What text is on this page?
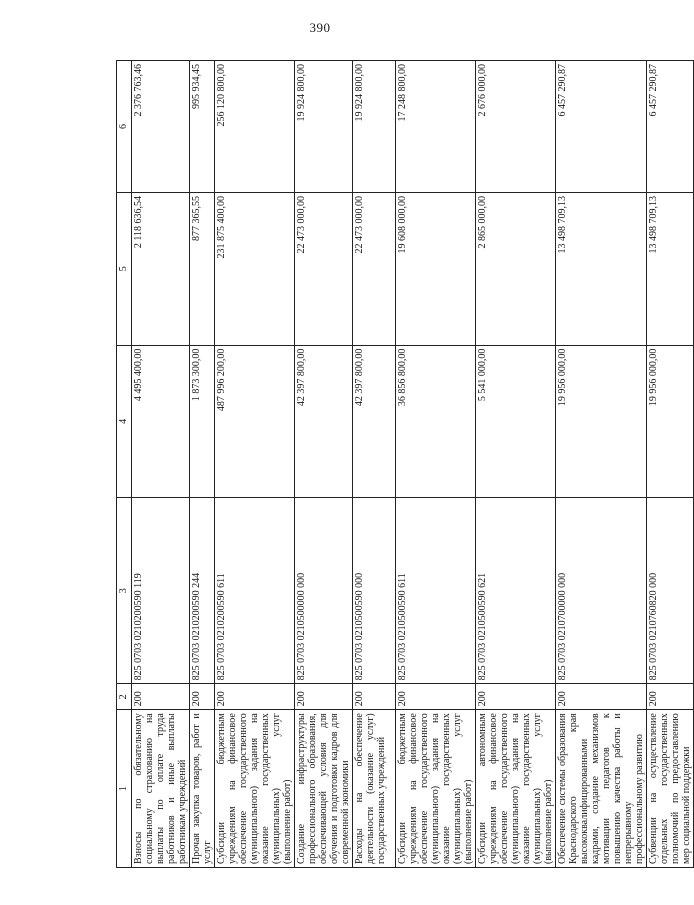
390
1	2	3	4	5	6

Взносы по обязательному социальному страхованию на выплаты по оплате труда работников и иные выплаты работникам учреждений	200	825 0703 0210200590 119	4 495 400,00	2 118 636,54	2 376 763,46

Прочая закупка товаров, работ и услуг	200	825 0703 0210200590 244	1 873 300,00	877 365,55	995 934,45

Субсидии бюджетным учреждениям на финансовое обеспечение государственного (муниципального) задания на оказание государственных (муниципальных) услуг (выполнение работ)	200	825 0703 0210200590 611	487 996 200,00	231 875 400,00	256 120 800,00

Создание инфраструктуры профессионального образования, обеспечивающей условия для обучения и подготовки кадров для современной экономики	200	825 0703 0210500000 000	42 397 800,00	22 473 000,00	19 924 800,00

Расходы на обеспечение деятельности (оказание услуг) государственных учреждений	200	825 0703 0210500590 000	42 397 800,00	22 473 000,00	19 924 800,00

Субсидии бюджетным учреждениям на финансовое обеспечение государственного (муниципального) задания на оказание государственных (муниципальных) услуг (выполнение работ)	200	825 0703 0210500590 611	36 856 800,00	19 608 000,00	17 248 800,00

Субсидии автономным учреждениям на финансовое обеспечение государственного (муниципального) задания на оказание государственных (муниципальных) услуг (выполнение работ)	200	825 0703 0210500590 621	5 541 000,00	2 865 000,00	2 676 000,00

Обеспечение системы образования Краснодарского края высококвалифицированными кадрами, создание механизмов мотивации педагогов к повышению качества работы и непрерывному профессиональному развитию	200	825 0703 0210700000 000	19 956 000,00	13 498 709,13	6 457 290,87

Субвенции на осуществление отдельных государственных полномочий по предоставлению мер социальной поддержки	200	825 0703 0210760820 000	19 956 000,00	13 498 709,13	6 457 290,87
